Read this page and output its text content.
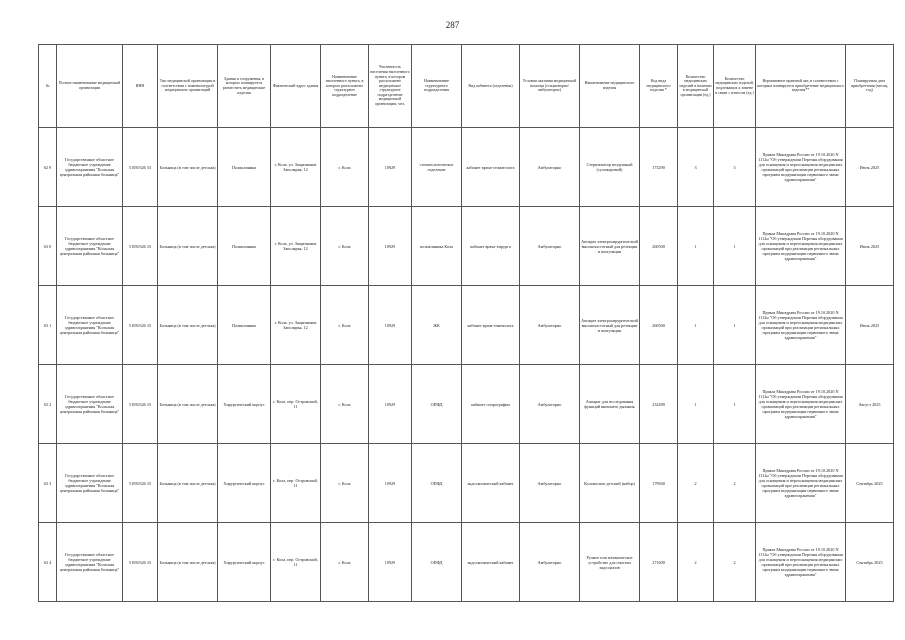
287
№	Полное наименование медицинской организации	ИНН	Тип медицинской организации в соответствии с номенклатурой медицинских организаций	Здания и сооружения, в которых планируется разместить медицинские изделия	Фактический адрес здания	Наименование населенного пункта, в котором расположено структурное подразделение	Численность населения населенного пункта, в котором расположено медицинское структурное подразделение медицинской организации, чел.	Наименование структурного подразделения	Вид кабинета (отделения)	Условия оказания медицинской помощи (стационарно/амбулаторно)	Наименование медицинского изделия	Код вида медицинского изделия *	Количество медицинских изделий в наличии в медицинской организации (ед.)	Количество медицинских изделий, подлежащих к замене в связи с износом (ед.)	Нормативное правовой акт, в соответствии с которым планируется приобретение медицинского изделия**	Планируемая дата приобретения (месяц, год)
62 9	Государственное областное бюджетное учреждение здравоохранения "Кольская центральная районная больница"	51050326 33	Больница (в том числе детская)	Поликлиника	г. Кола, ул. Защитников Заполярья, 12	г. Кола	10929	стоматологическое отделение	кабинет врача-стоматолога	Амбулаторно	Стерилизатор воздушный (сухожаровой)	173290	3	3	Приказ Минздрава России от 19.10.2020 N 1112н "Об утверждении Перечня оборудования для оснащения и переоснащения медицинских организаций при реализации региональных программ модернизации первичного звена здравоохранения"	Июль 2025
63 0	Государственное областное бюджетное учреждение здравоохранения "Кольская центральная районная больница"	51050326 33	Больница (в том числе детская)	Поликлиника	г. Кола, ул. Защитников Заполярья, 12	г. Кола	10929	поликлиника Кола	кабинет врача-хирурга	Амбулаторно	Аппарат электрохирургический высокочастотный для резекции и коагуляции	260500	1	1	Приказ Минздрава России от 19.10.2020 N 1112н "Об утверждении Перечня оборудования для оснащения и переоснащения медицинских организаций при реализации региональных программ модернизации первичного звена здравоохранения"	Июль 2025
63 1	Государственное областное бюджетное учреждение здравоохранения "Кольская центральная районная больница"	51050326 33	Больница (в том числе детская)	Поликлиника	г. Кола, ул. Защитников Заполярья, 12	г. Кола	10929	ЖК	кабинет врача-гинеколога	Амбулаторно	Аппарат электрохирургический высокочастотный для резекции и коагуляции	260500	1	1	Приказ Минздрава России от 19.10.2020 N 1112н "Об утверждении Перечня оборудования для оснащения и переоснащения медицинских организаций при реализации региональных программ модернизации первичного звена здравоохранения"	Июль 2025
63 2	Государственное областное бюджетное учреждение здравоохранения "Кольская центральная районная больница"	51050326 33	Больница (в том числе детская)	Хирургический корпус	г. Кола, пер. Островский, 11	г. Кола	10929	ОПФД	кабинет спирографии	Амбулаторно	Аппарат для исследования функций внешнего дыхания	232490	1	1	Приказ Минздрава России от 19.10.2020 N 1112н "Об утверждении Перечня оборудования для оснащения и переоснащения медицинских организаций при реализации региональных программ модернизации первичного звена здравоохранения"	Август 2025
63 3	Государственное областное бюджетное учреждение здравоохранения "Кольская центральная районная больница"	51050326 33	Больница (в том числе детская)	Хирургический корпус	г. Кола, пер. Островский, 11	г. Кола	10929	ОПФД	эндоскопический кабинет	Амбулаторно	Колоноскоп детский (набор)	179940	2	2	Приказ Минздрава России от 19.10.2020 N 1112н "Об утверждении Перечня оборудования для оснащения и переоснащения медицинских организаций при реализации региональных программ модернизации первичного звена здравоохранения"	Сентябрь 2025
63 4	Государственное областное бюджетное учреждение здравоохранения "Кольская центральная районная больница"	51050326 33	Больница (в том числе детская)	Хирургический корпус	г. Кола, пер. Островский, 11	г. Кола	10929	ОПФД	эндоскопический кабинет	Амбулаторно	Ручное или механическое устройство для очистки эндоскопов	271600	2	2	Приказ Минздрава России от 19.10.2020 N 1112н "Об утверждении Перечня оборудования для оснащения и переоснащения медицинских организаций при реализации региональных программ модернизации первичного звена здравоохранения"	Сентябрь 2025
